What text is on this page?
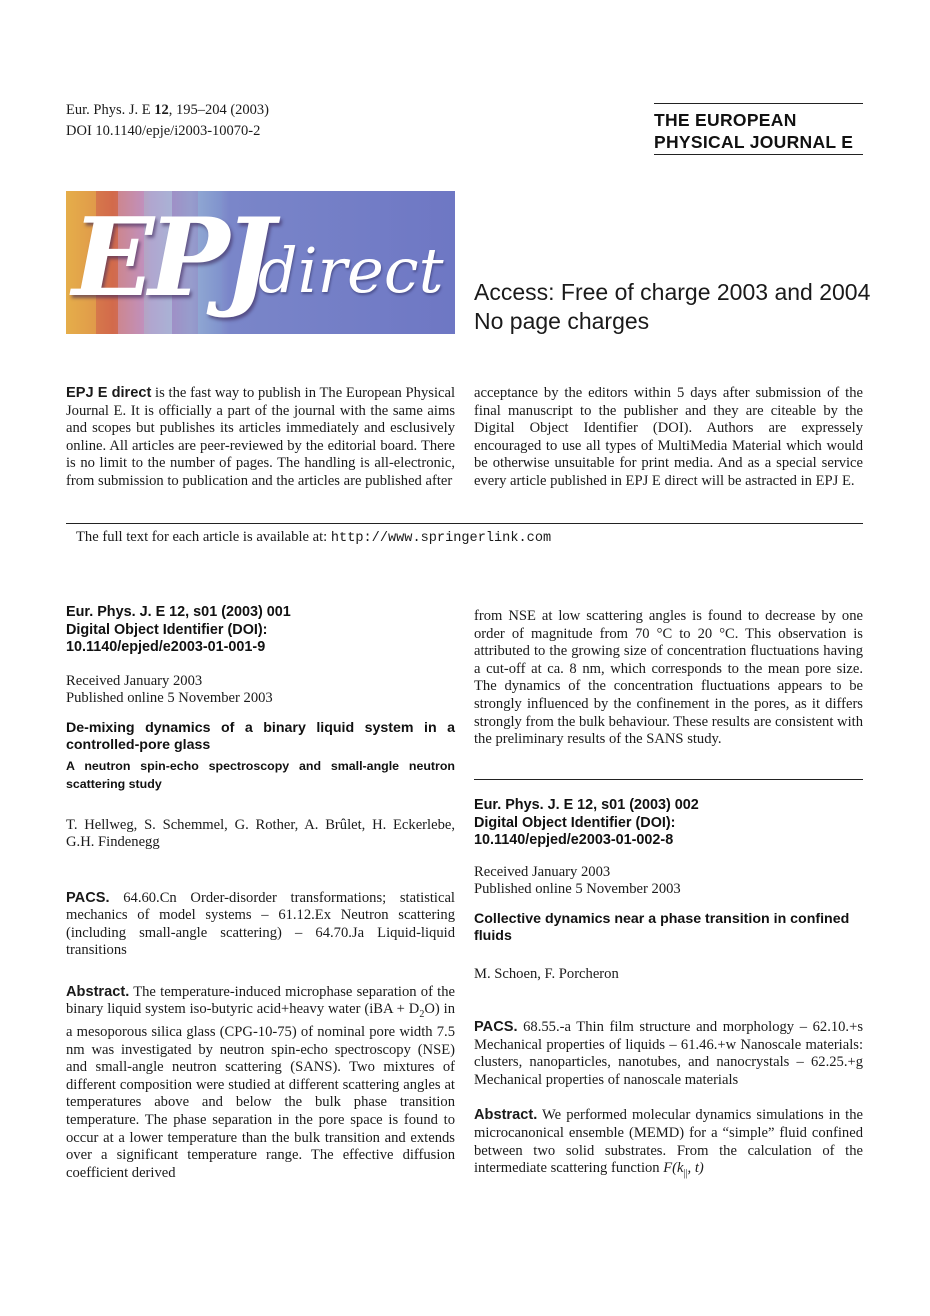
Eur. Phys. J. E 12, 195–204 (2003)
DOI 10.1140/epje/i2003-10070-2
THE EUROPEAN
PHYSICAL JOURNAL E
EPJ
direct Access: Free of charge 2003 and 2004
No page charges

EPJ E direct is the fast way to publish in The European Physical Journal E. It is officially a part of the journal with the same aims and scopes but publishes its articles immediately and esclusively online. All articles are peer-reviewed by the editorial board. There is no limit to the number of pages. The handling is all-electronic, from submission to publication and the articles are published after

acceptance by the editors within 5 days after submission of the final manuscript to the publisher and they are citeable by the Digital Object Identifier (DOI). Authors are expressely encouraged to use all types of MultiMedia Material which would be otherwise unsuitable for print media. And as a special service every article published in EPJ E direct will be astracted in EPJ E.

The full text for each article is available at: http://www.springerlink.com
Eur. Phys. J. E 12, s01 (2003) 001
Digital Object Identifier (DOI):
10.1140/epjed/e2003-01-001-9
Received January 2003
Published online 5 November 2003
De-mixing dynamics of a binary liquid system in a controlled-pore glass
A neutron spin-echo spectroscopy and small-angle neutron scattering study
T. Hellweg, S. Schemmel, G. Rother, A. Brûlet, H. Eckerlebe, G.H. Findenegg
PACS. 64.60.Cn Order-disorder transformations; statistical mechanics of model systems – 61.12.Ex Neutron scattering (including small-angle scattering) – 64.70.Ja Liquid-liquid transitions
Abstract. The temperature-induced microphase separation of the binary liquid system iso-butyric acid+heavy water $(iBA + D_2O)$ in a mesoporous silica glass (CPG-10-75) of nominal pore width 7.5 nm was investigated by neutron spin-echo spectroscopy (NSE) and small-angle neutron scattering (SANS). Two mixtures of different composition were studied at different scattering angles at temperatures above and below the bulk phase transition temperature. The phase separation in the pore space is found to occur at a lower temperature than the bulk transition and extends over a significant temperature range. The effective diffusion coefficient derived
from NSE at low scattering angles is found to decrease by one order of magnitude from 70 °C to 20 °C. This observation is attributed to the growing size of concentration fluctuations having a cut-off at ca. 8 nm, which corresponds to the mean pore size. The dynamics of the concentration fluctuations appears to be strongly influenced by the confinement in the pores, as it differs strongly from the bulk behaviour. These results are consistent with the preliminary results of the SANS study.
Eur. Phys. J. E 12, s01 (2003) 002
Digital Object Identifier (DOI):
10.1140/epjed/e2003-01-002-8
Received January 2003
Published online 5 November 2003
Collective dynamics near a phase transition in confined fluids
M. Schoen, F. Porcheron
PACS. 68.55.-a Thin film structure and morphology – 62.10.+s Mechanical properties of liquids – 61.46.+w Nanoscale materials: clusters, nanoparticles, nanotubes, and nanocrystals – 62.25.+g Mechanical properties of nanoscale materials
Abstract. We performed molecular dynamics simulations in the microcanonical ensemble (MEMD) for a “simple” fluid confined between two solid substrates. From the calculation of the intermediate scattering function $F(k_{||}$, t)
